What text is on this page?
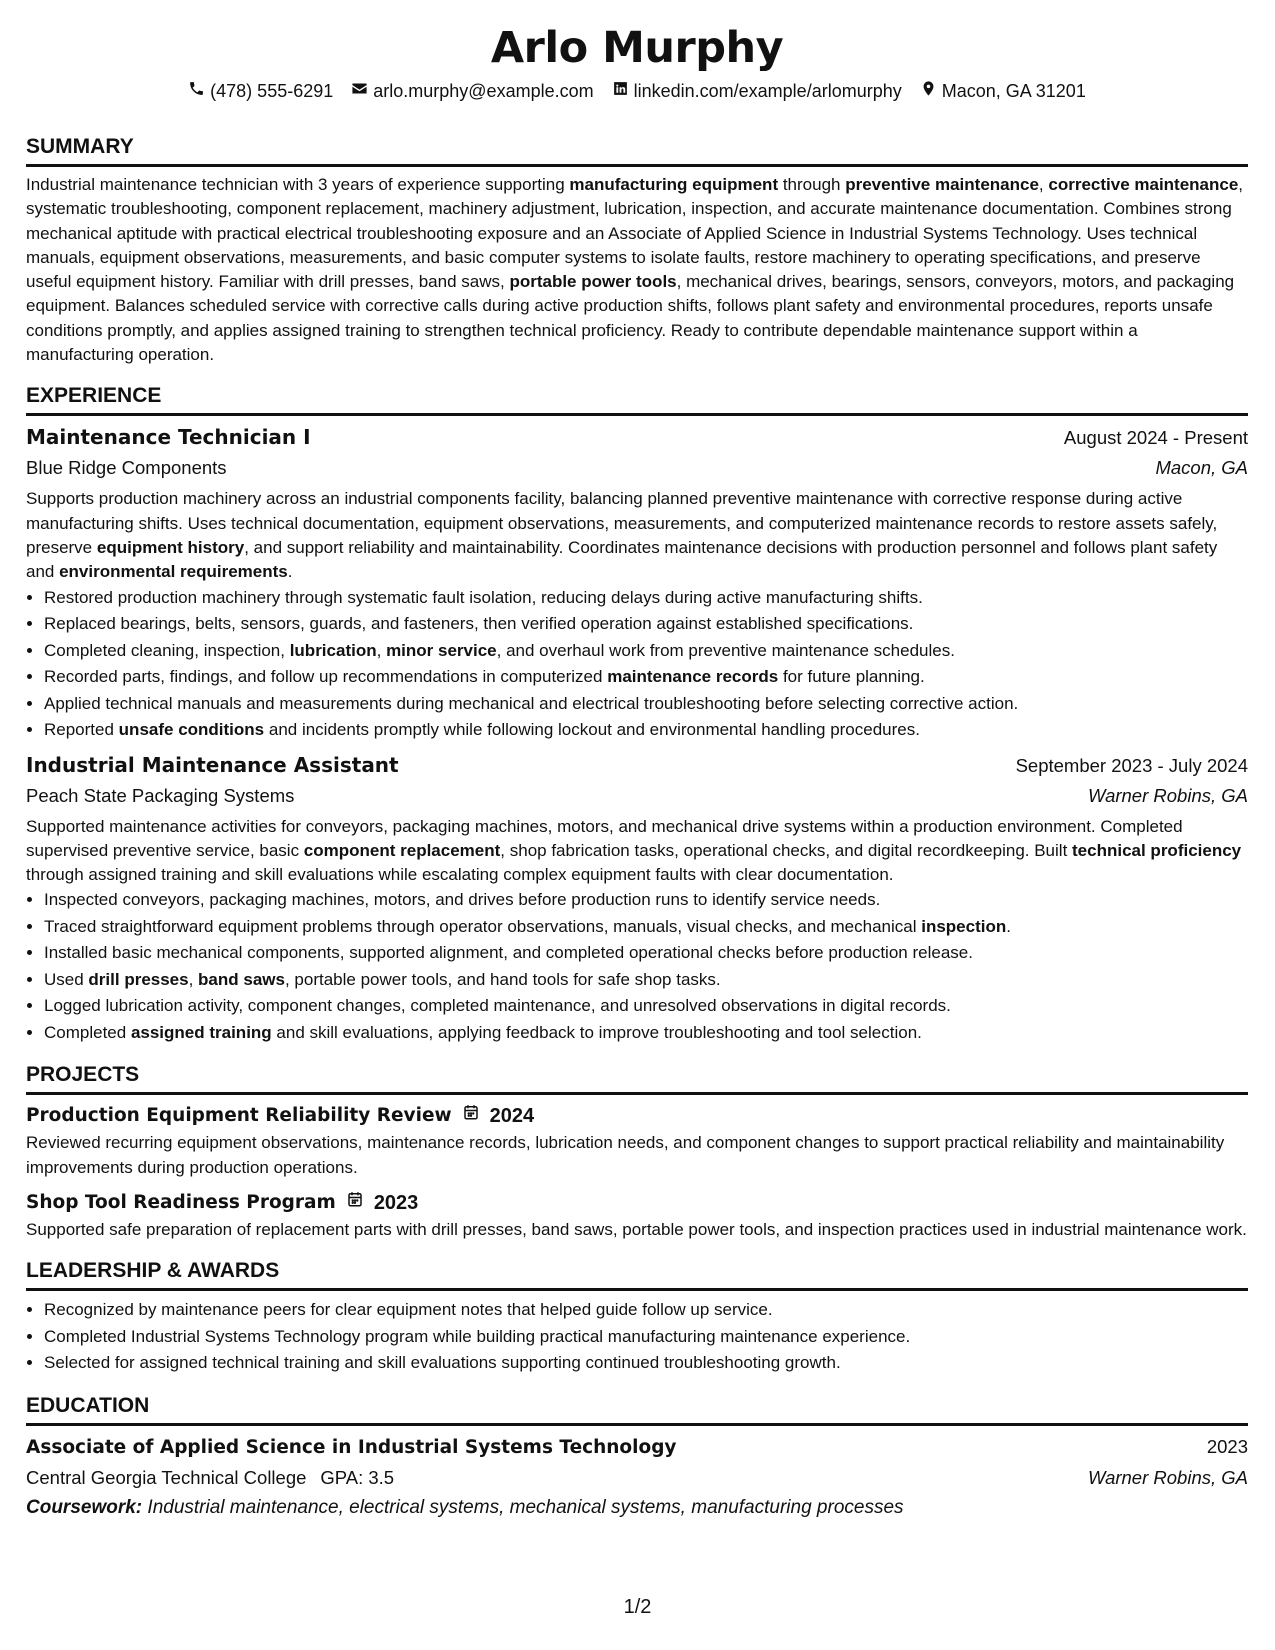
Arlo Murphy
(478) 555-6291 arlo.murphy@example.com linkedin.com/example/arlomurphy Macon, GA 31201
SUMMARY

Industrial maintenance technician with 3 years of experience supporting manufacturing equipment through preventive maintenance, corrective maintenance, systematic troubleshooting, component replacement, machinery adjustment, lubrication, inspection, and accurate maintenance documentation. Combines strong mechanical aptitude with practical electrical troubleshooting exposure and an Associate of Applied Science in Industrial Systems Technology. Uses technical manuals, equipment observations, measurements, and basic computer systems to isolate faults, restore machinery to operating specifications, and preserve useful equipment history. Familiar with drill presses, band saws, portable power tools, mechanical drives, bearings, sensors, conveyors, motors, and packaging equipment. Balances scheduled service with corrective calls during active production shifts, follows plant safety and environmental procedures, reports unsafe conditions promptly, and applies assigned training to strengthen technical proficiency. Ready to contribute dependable maintenance support within a manufacturing operation.

EXPERIENCE
Maintenance Technician I	August 2024 - Present
Blue Ridge Components	Macon, GA

Supports production machinery across an industrial components facility, balancing planned preventive maintenance with corrective response during active manufacturing shifts. Uses technical documentation, equipment observations, measurements, and computerized maintenance records to restore assets safely, preserve equipment history, and support reliability and maintainability. Coordinates maintenance decisions with production personnel and follows plant safety and environmental requirements.

• Restored production machinery through systematic fault isolation, reducing delays during active manufacturing shifts.
• Replaced bearings, belts, sensors, guards, and fasteners, then verified operation against established specifications.
• Completed cleaning, inspection, lubrication, minor service, and overhaul work from preventive maintenance schedules.
• Recorded parts, findings, and follow up recommendations in computerized maintenance records for future planning.
• Applied technical manuals and measurements during mechanical and electrical troubleshooting before selecting corrective action.
• Reported unsafe conditions and incidents promptly while following lockout and environmental handling procedures.
Industrial Maintenance Assistant	September 2023 - July 2024
Peach State Packaging Systems	Warner Robins, GA

Supported maintenance activities for conveyors, packaging machines, motors, and mechanical drive systems within a production environment. Completed supervised preventive service, basic component replacement, shop fabrication tasks, operational checks, and digital recordkeeping. Built technical proficiency through assigned training and skill evaluations while escalating complex equipment faults with clear documentation.

• Inspected conveyors, packaging machines, motors, and drives before production runs to identify service needs.
• Traced straightforward equipment problems through operator observations, manuals, visual checks, and mechanical inspection.
• Installed basic mechanical components, supported alignment, and completed operational checks before production release.
• Used drill presses, band saws, portable power tools, and hand tools for safe shop tasks.
• Logged lubrication activity, component changes, completed maintenance, and unresolved observations in digital records.
• Completed assigned training and skill evaluations, applying feedback to improve troubleshooting and tool selection.
PROJECTS
Production Equipment Reliability Review 2024

Reviewed recurring equipment observations, maintenance records, lubrication needs, and component changes to support practical reliability and maintainability improvements during production operations.

Shop Tool Readiness Program 2023

Supported safe preparation of replacement parts with drill presses, band saws, portable power tools, and inspection practices used in industrial maintenance work.

LEADERSHIP & AWARDS
• Recognized by maintenance peers for clear equipment notes that helped guide follow up service.
• Completed Industrial Systems Technology program while building practical manufacturing maintenance experience.
• Selected for assigned technical training and skill evaluations supporting continued troubleshooting growth.
EDUCATION
Associate of Applied Science in Industrial Systems Technology	2023
Central Georgia Technical College GPA: 3.5	Warner Robins, GA
Coursework: Industrial maintenance, electrical systems, mechanical systems, manufacturing processes
1/2
